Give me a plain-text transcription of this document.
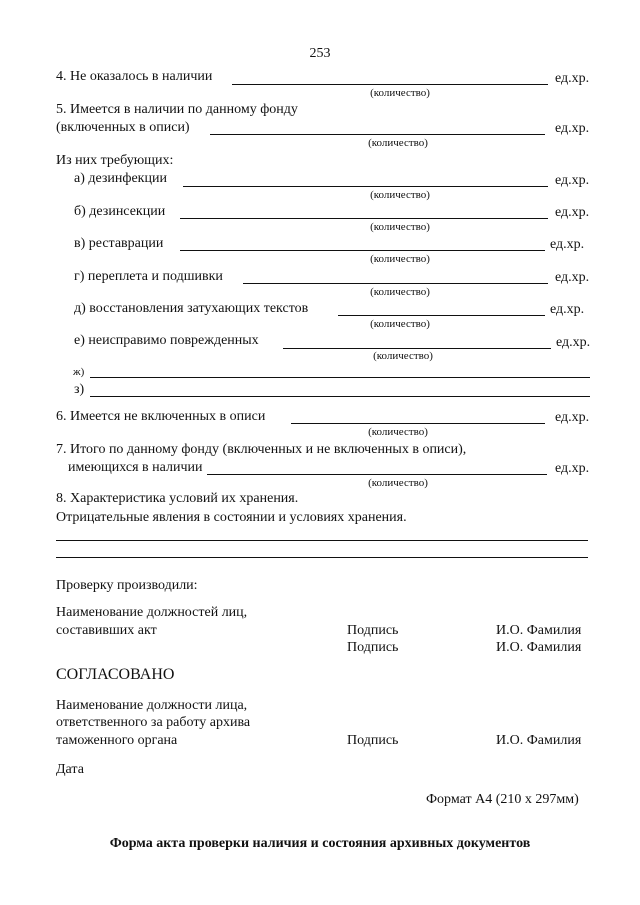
253
4. Не оказалось в наличии	ед.хр.
(количество)
5. Имеется в наличии по данному фонду
(включенных в описи)	ед.хр.
(количество)
Из них требующих:
а) дезинфекции	ед.хр.
(количество)
б) дезинсекции	ед.хр.
(количество)
в) реставрации	ед.хр.
(количество)
г) переплета и подшивки	ед.хр.
(количество)
д) восстановления затухающих текстов	ед.хр.
(количество)
е) неисправимо поврежденных	ед.хр.
(количество)
ж)
з)
6. Имеется не включенных в описи	ед.хр.
(количество)
7. Итого по данному фонду (включенных и не включенных в описи),
имеющихся в наличии	ед.хр.
(количество)
8. Характеристика условий их хранения.
Отрицательные явления в состоянии и условиях хранения.
Проверку производили:
Наименование должностей лиц,
составивших акт	Подпись	И.О. Фамилия
Подпись	И.О. Фамилия
СОГЛАСОВАНО
Наименование должности лица,
ответственного за работу архива
таможенного органа	Подпись	И.О. Фамилия
Дата
Формат А4 (210 х 297мм)
Форма акта проверки наличия и состояния архивных документов
